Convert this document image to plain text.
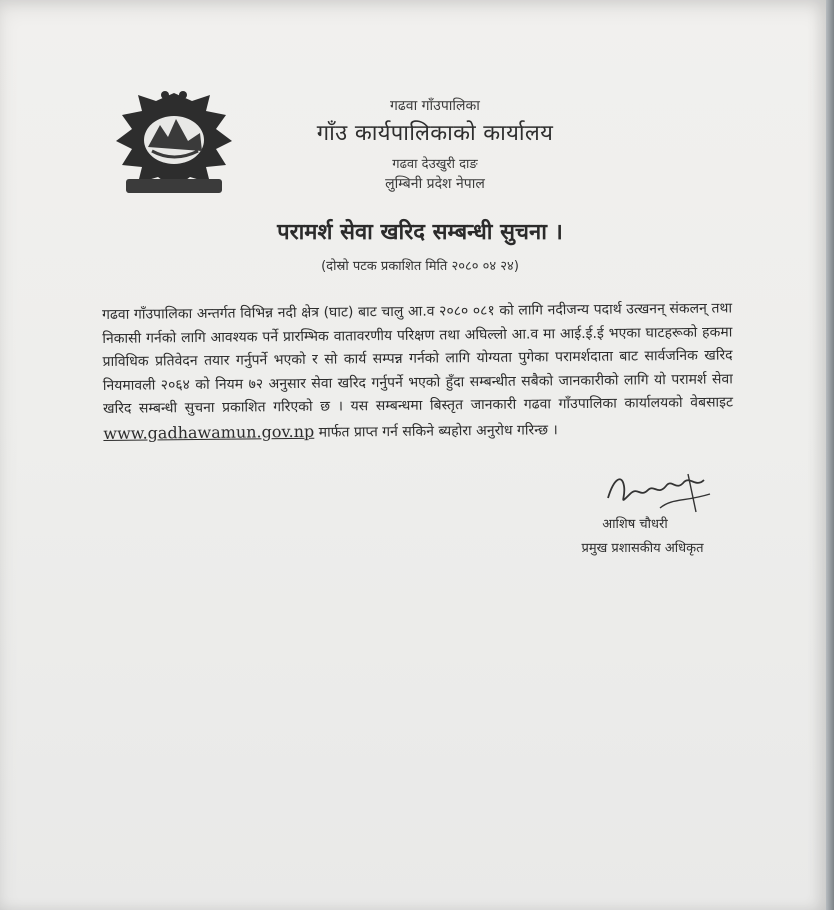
गढवा गाँउपालिका
गाँउ कार्यपालिकाको कार्यालय
गढवा देउखुरी दाङ
लुम्बिनी प्रदेश नेपाल
परामर्श सेवा खरिद सम्बन्धी सुचना ।
(दोस्रो पटक प्रकाशित मिति २०८० ०४ २४)
गढवा गाँउपालिका अन्तर्गत विभिन्न नदी क्षेत्र (घाट) बाट चालु आ.व २०८० ०८१ को लागि नदीजन्य पदार्थ उत्खनन् संकलन् तथा निकासी गर्नको लागि आवश्यक पर्ने प्रारम्भिक वातावरणीय परिक्षण तथा अघिल्लो आ.व मा आई.ई.ई भएका घाटहरूको हकमा प्राविधिक प्रतिवेदन तयार गर्नुपर्ने भएको र सो कार्य सम्पन्न गर्नको लागि योग्यता पुगेका परामर्शदाता बाट सार्वजनिक खरिद नियमावली २०६४ को नियम ७२ अनुसार सेवा खरिद गर्नुपर्ने भएको हुँदा सम्बन्धीत सबैको जानकारीको लागि यो परामर्श सेवा खरिद सम्बन्धी सुचना प्रकाशित गरिएको छ । यस सम्बन्धमा बिस्तृत जानकारी गढवा गाँउपालिका कार्यालयको वेबसाइट www.gadhawamun.gov.np मार्फत प्राप्त गर्न सकिने ब्यहोरा अनुरोध गरिन्छ ।
आशिष चौधरी
प्रमुख प्रशासकीय अधिकृत
